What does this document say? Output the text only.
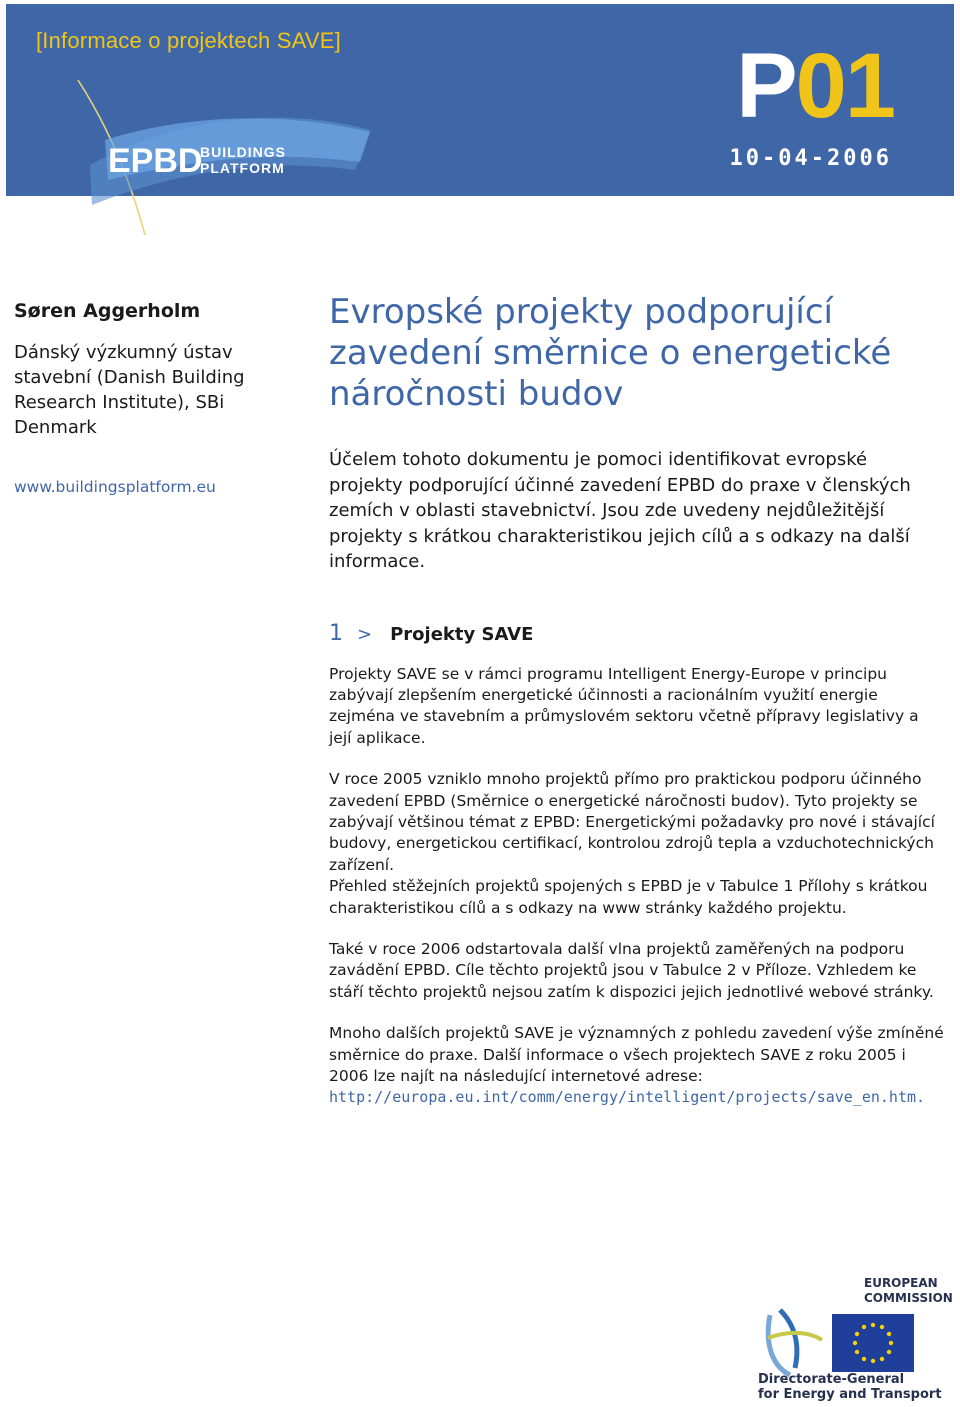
[Informace o projektech SAVE]	P01
10-04-2006
EPBD
BUILDINGS
PLATFORM
Søren Aggerholm
Dánský výzkumný ústav stavební (Danish Building Research Institute), SBi Denmark
www.buildingsplatform.eu
Evropské projekty podporující zavedení směrnice o energetické náročnosti budov

Účelem tohoto dokumentu je pomoci identifikovat evropské projekty podporující účinné zavedení EPBD do praxe v členských zemích v oblasti stavebnictví. Jsou zde uvedeny nejdůležitější projekty s krátkou charakteristikou jejich cílů a s odkazy na další informace.

1 > Projekty SAVE

Projekty SAVE se v rámci programu Intelligent Energy-Europe v principu zabývají zlepšením energetické účinnosti a racionálním využití energie zejména ve stavebním a průmyslovém sektoru včetně přípravy legislativy a její aplikace.

V roce 2005 vzniklo mnoho projektů přímo pro praktickou podporu účinného zavedení EPBD (Směrnice o energetické náročnosti budov). Tyto projekty se zabývají většinou témat z EPBD: Energetickými požadavky pro nové i stávající budovy, energetickou certifikací, kontrolou zdrojů tepla a vzduchotechnických zařízení.
Přehled stěžejních projektů spojených s EPBD je v Tabulce 1 Přílohy s krátkou charakteristikou cílů a s odkazy na www stránky každého projektu.

Také v roce 2006 odstartovala další vlna projektů zaměřených na podporu zavádění EPBD. Cíle těchto projektů jsou v Tabulce 2 v Příloze. Vzhledem ke stáří těchto projektů nejsou zatím k dispozici jejich jednotlivé webové stránky.

Mnoho dalších projektů SAVE je významných z pohledu zavedení výše zmíněné směrnice do praxe. Další informace o všech projektech SAVE z roku 2005 i 2006 lze najít na následující internetové adrese: http://europa.eu.int/comm/energy/intelligent/projects/save_en.htm.

EUROPEAN
COMMISSION
Directorate-General
for Energy and Transport
